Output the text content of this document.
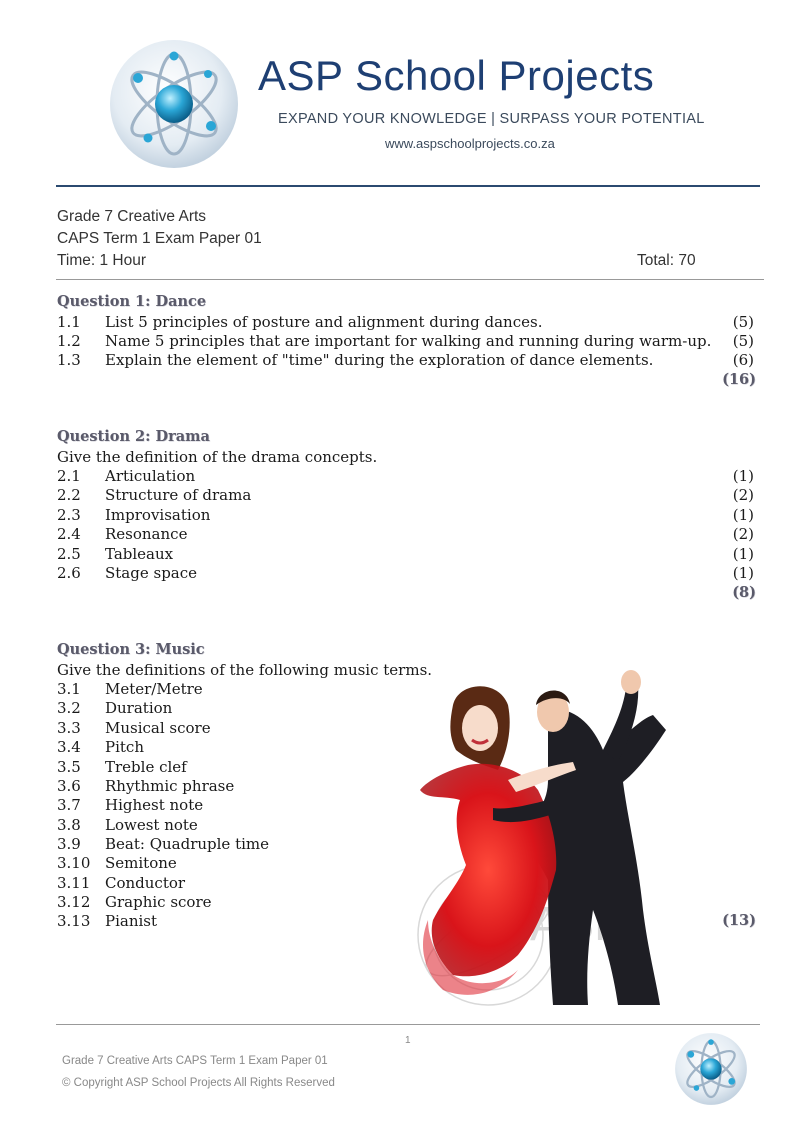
ASP School Projects
EXPAND YOUR KNOWLEDGE | SURPASS YOUR POTENTIAL
www.aspschoolprojects.co.za
Grade 7 Creative Arts
CAPS Term 1 Exam Paper 01
Time: 1 Hour	Total: 70
Question 1: Dance
1.1 List 5 principles of posture and alignment during dances.	(5)
1.2 Name 5 principles that are important for walking and running during warm-up. (5)
1.3 Explain the element of "time" during the exploration of dance elements.	(6)
(16)
Question 2: Drama
Give the definition of the drama concepts.
2.1 Articulation	(1)
2.2 Structure of drama	(2)
2.3 Improvisation	(1)
2.4 Resonance	(2)
2.5 Tableaux	(1)
2.6 Stage space	(1)
(8)
Question 3: Music
Give the definitions of the following music terms.
3.1 Meter/Metre
3.2 Duration
3.3 Musical score
3.4 Pitch
3.5 Treble clef
3.6 Rhythmic phrase
3.7 Highest note
3.8 Lowest note
3.9 Beat: Quadruple time
3.10 Semitone
3.11 Conductor
3.12 Graphic score
3.13 Pianist	(13)
1
Grade 7 Creative Arts CAPS Term 1 Exam Paper 01
© Copyright ASP School Projects All Rights Reserved
